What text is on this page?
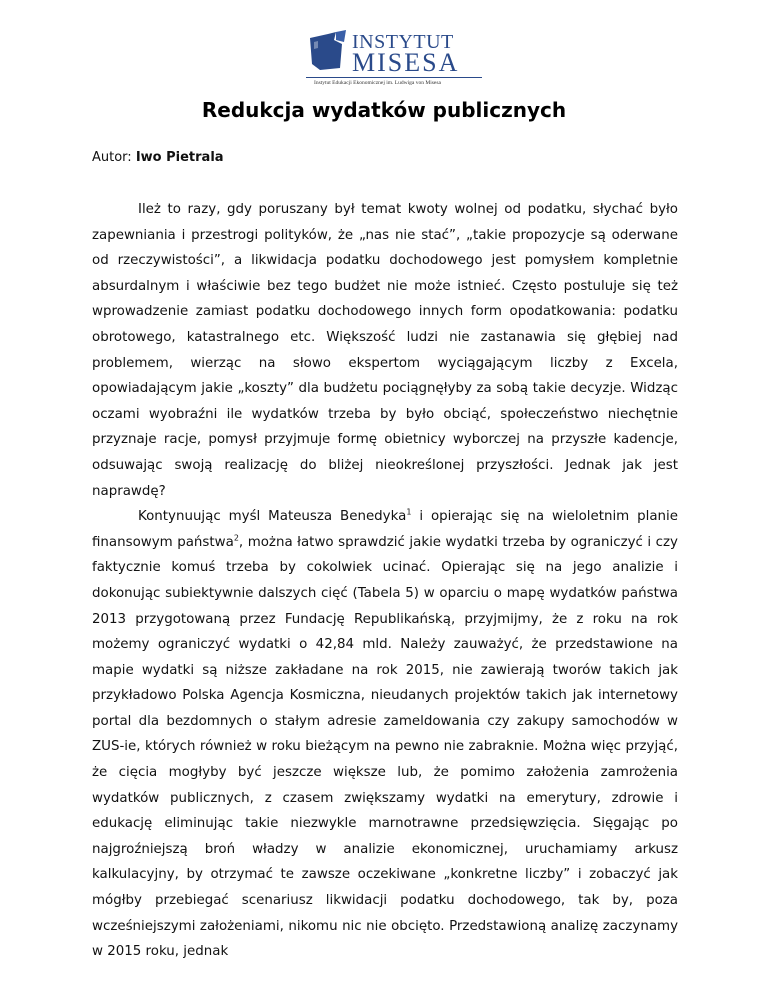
INSTYTUT
MISESA
Instytut Edukacji Ekonomicznej im. Ludwiga von Misesa
Redukcja wydatków publicznych
Autor: Iwo Pietrala

Ileż to razy, gdy poruszany był temat kwoty wolnej od podatku, słychać było zapewniania i przestrogi polityków, że „nas nie stać”, „takie propozycje są oderwane od rzeczywistości”, a likwidacja podatku dochodowego jest pomysłem kompletnie absurdalnym i właściwie bez tego budżet nie może istnieć. Często postuluje się też wprowadzenie zamiast podatku dochodowego innych form opodatkowania: podatku obrotowego, katastralnego etc. Większość ludzi nie zastanawia się głębiej nad problemem, wierząc na słowo ekspertom wyciągającym liczby z Excela, opowiadającym jakie „koszty” dla budżetu pociągnęłyby za sobą takie decyzje. Widząc oczami wyobraźni ile wydatków trzeba by było obciąć, społeczeństwo niechętnie przyznaje racje, pomysł przyjmuje formę obietnicy wyborczej na przyszłe kadencje, odsuwając swoją realizację do bliżej nieokreślonej przyszłości. Jednak jak jest naprawdę?

Kontynuując myśl Mateusza Benedyka$^1$ i opierając się na wieloletnim planie finansowym państwa$^2$, można łatwo sprawdzić jakie wydatki trzeba by ograniczyć i czy faktycznie komuś trzeba by cokolwiek ucinać. Opierając się na jego analizie i dokonując subiektywnie dalszych cięć (Tabela 5) w oparciu o mapę wydatków państwa 2013 przygotowaną przez Fundację Republikańską, przyjmijmy, że z roku na rok możemy ograniczyć wydatki o 42,84 mld. Należy zauważyć, że przedstawione na mapie wydatki są niższe zakładane na rok 2015, nie zawierają tworów takich jak przykładowo Polska Agencja Kosmiczna, nieudanych projektów takich jak internetowy portal dla bezdomnych o stałym adresie zameldowania czy zakupy samochodów w ZUS-ie, których również w roku bieżącym na pewno nie zabraknie. Można więc przyjąć, że cięcia mogłyby być jeszcze większe lub, że pomimo założenia zamrożenia wydatków publicznych, z czasem zwiększamy wydatki na emerytury, zdrowie i edukację eliminując takie niezwykle marnotrawne przedsięwzięcia. Sięgając po najgroźniejszą broń władzy w analizie ekonomicznej, uruchamiamy arkusz kalkulacyjny, by otrzymać te zawsze oczekiwane „konkretne liczby” i zobaczyć jak mógłby przebiegać scenariusz likwidacji podatku dochodowego, tak by, poza wcześniejszymi założeniami, nikomu nic nie obcięto. Przedstawioną analizę zaczynamy w 2015 roku, jednak
